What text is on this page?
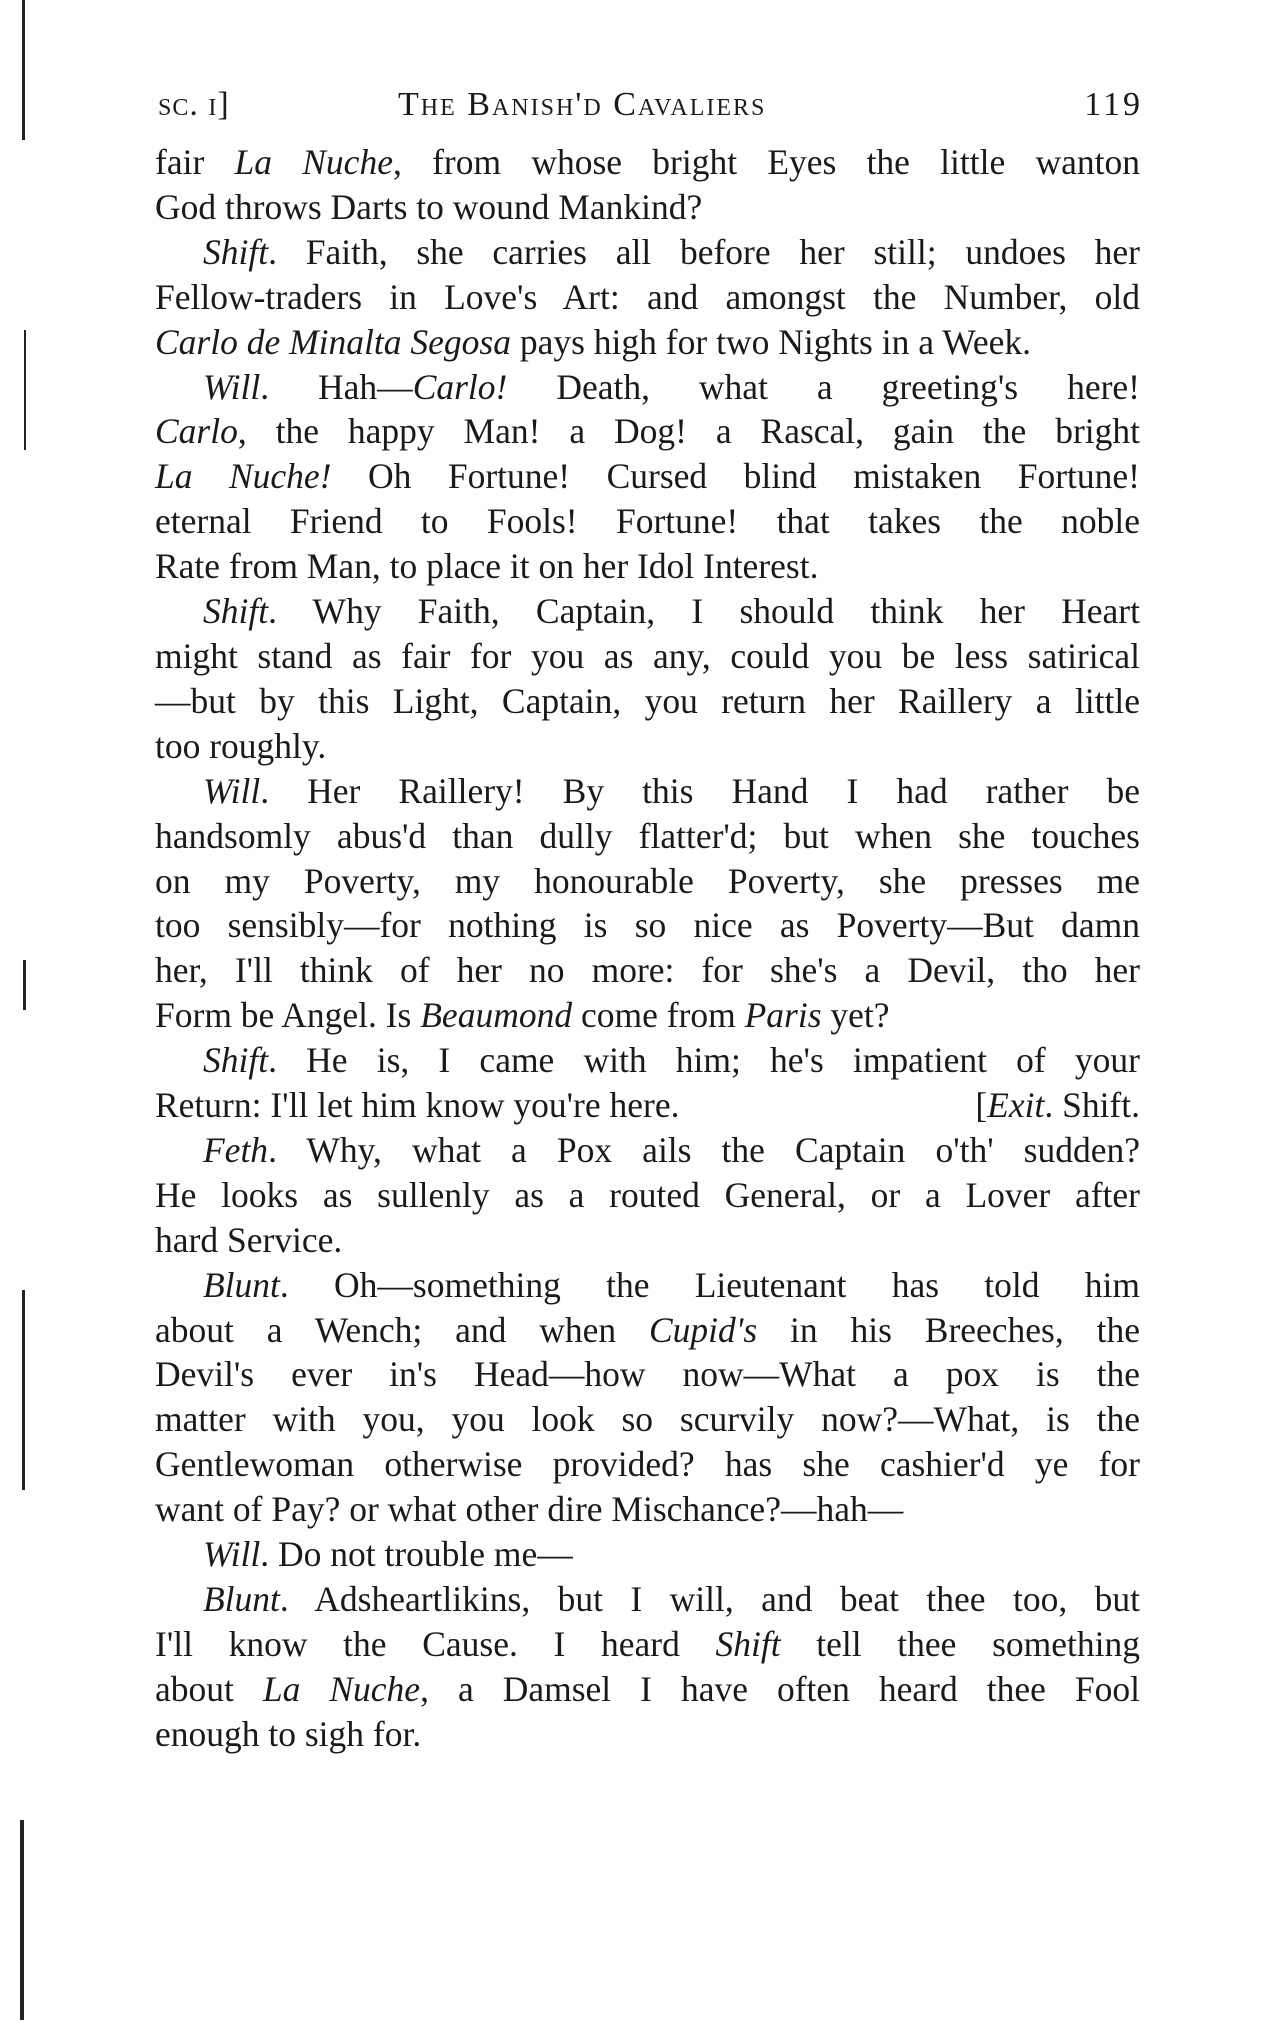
sc. i]	The Banish'd Cavaliers	119
fair La Nuche, from whose bright Eyes the little wanton
God throws Darts to wound Mankind?
Shift. Faith, she carries all before her still; undoes her
Fellow-traders in Love's Art: and amongst the Number, old
Carlo de Minalta Segosa pays high for two Nights in a Week.
Will. Hah—Carlo! Death, what a greeting's here!
Carlo, the happy Man! a Dog! a Rascal, gain the bright
La Nuche! Oh Fortune! Cursed blind mistaken Fortune!
eternal Friend to Fools! Fortune! that takes the noble
Rate from Man, to place it on her Idol Interest.
Shift. Why Faith, Captain, I should think her Heart
might stand as fair for you as any, could you be less satirical
—but by this Light, Captain, you return her Raillery a little
too roughly.
Will. Her Raillery! By this Hand I had rather be
handsomly abus'd than dully flatter'd; but when she touches
on my Poverty, my honourable Poverty, she presses me
too sensibly—for nothing is so nice as Poverty—But damn
her, I'll think of her no more: for she's a Devil, tho her
Form be Angel. Is Beaumond come from Paris yet?
Shift. He is, I came with him; he's impatient of your
Return: I'll let him know you're here.	[Exit. Shift.
Feth. Why, what a Pox ails the Captain o'th' sudden?
He looks as sullenly as a routed General, or a Lover after
hard Service.
Blunt. Oh—something the Lieutenant has told him
about a Wench; and when Cupid's in his Breeches, the
Devil's ever in's Head—how now—What a pox is the
matter with you, you look so scurvily now?—What, is the
Gentlewoman otherwise provided? has she cashier'd ye for
want of Pay? or what other dire Mischance?—hah—
Will. Do not trouble me—
Blunt. Adsheartlikins, but I will, and beat thee too, but
I'll know the Cause. I heard Shift tell thee something
about La Nuche, a Damsel I have often heard thee Fool
enough to sigh for.
